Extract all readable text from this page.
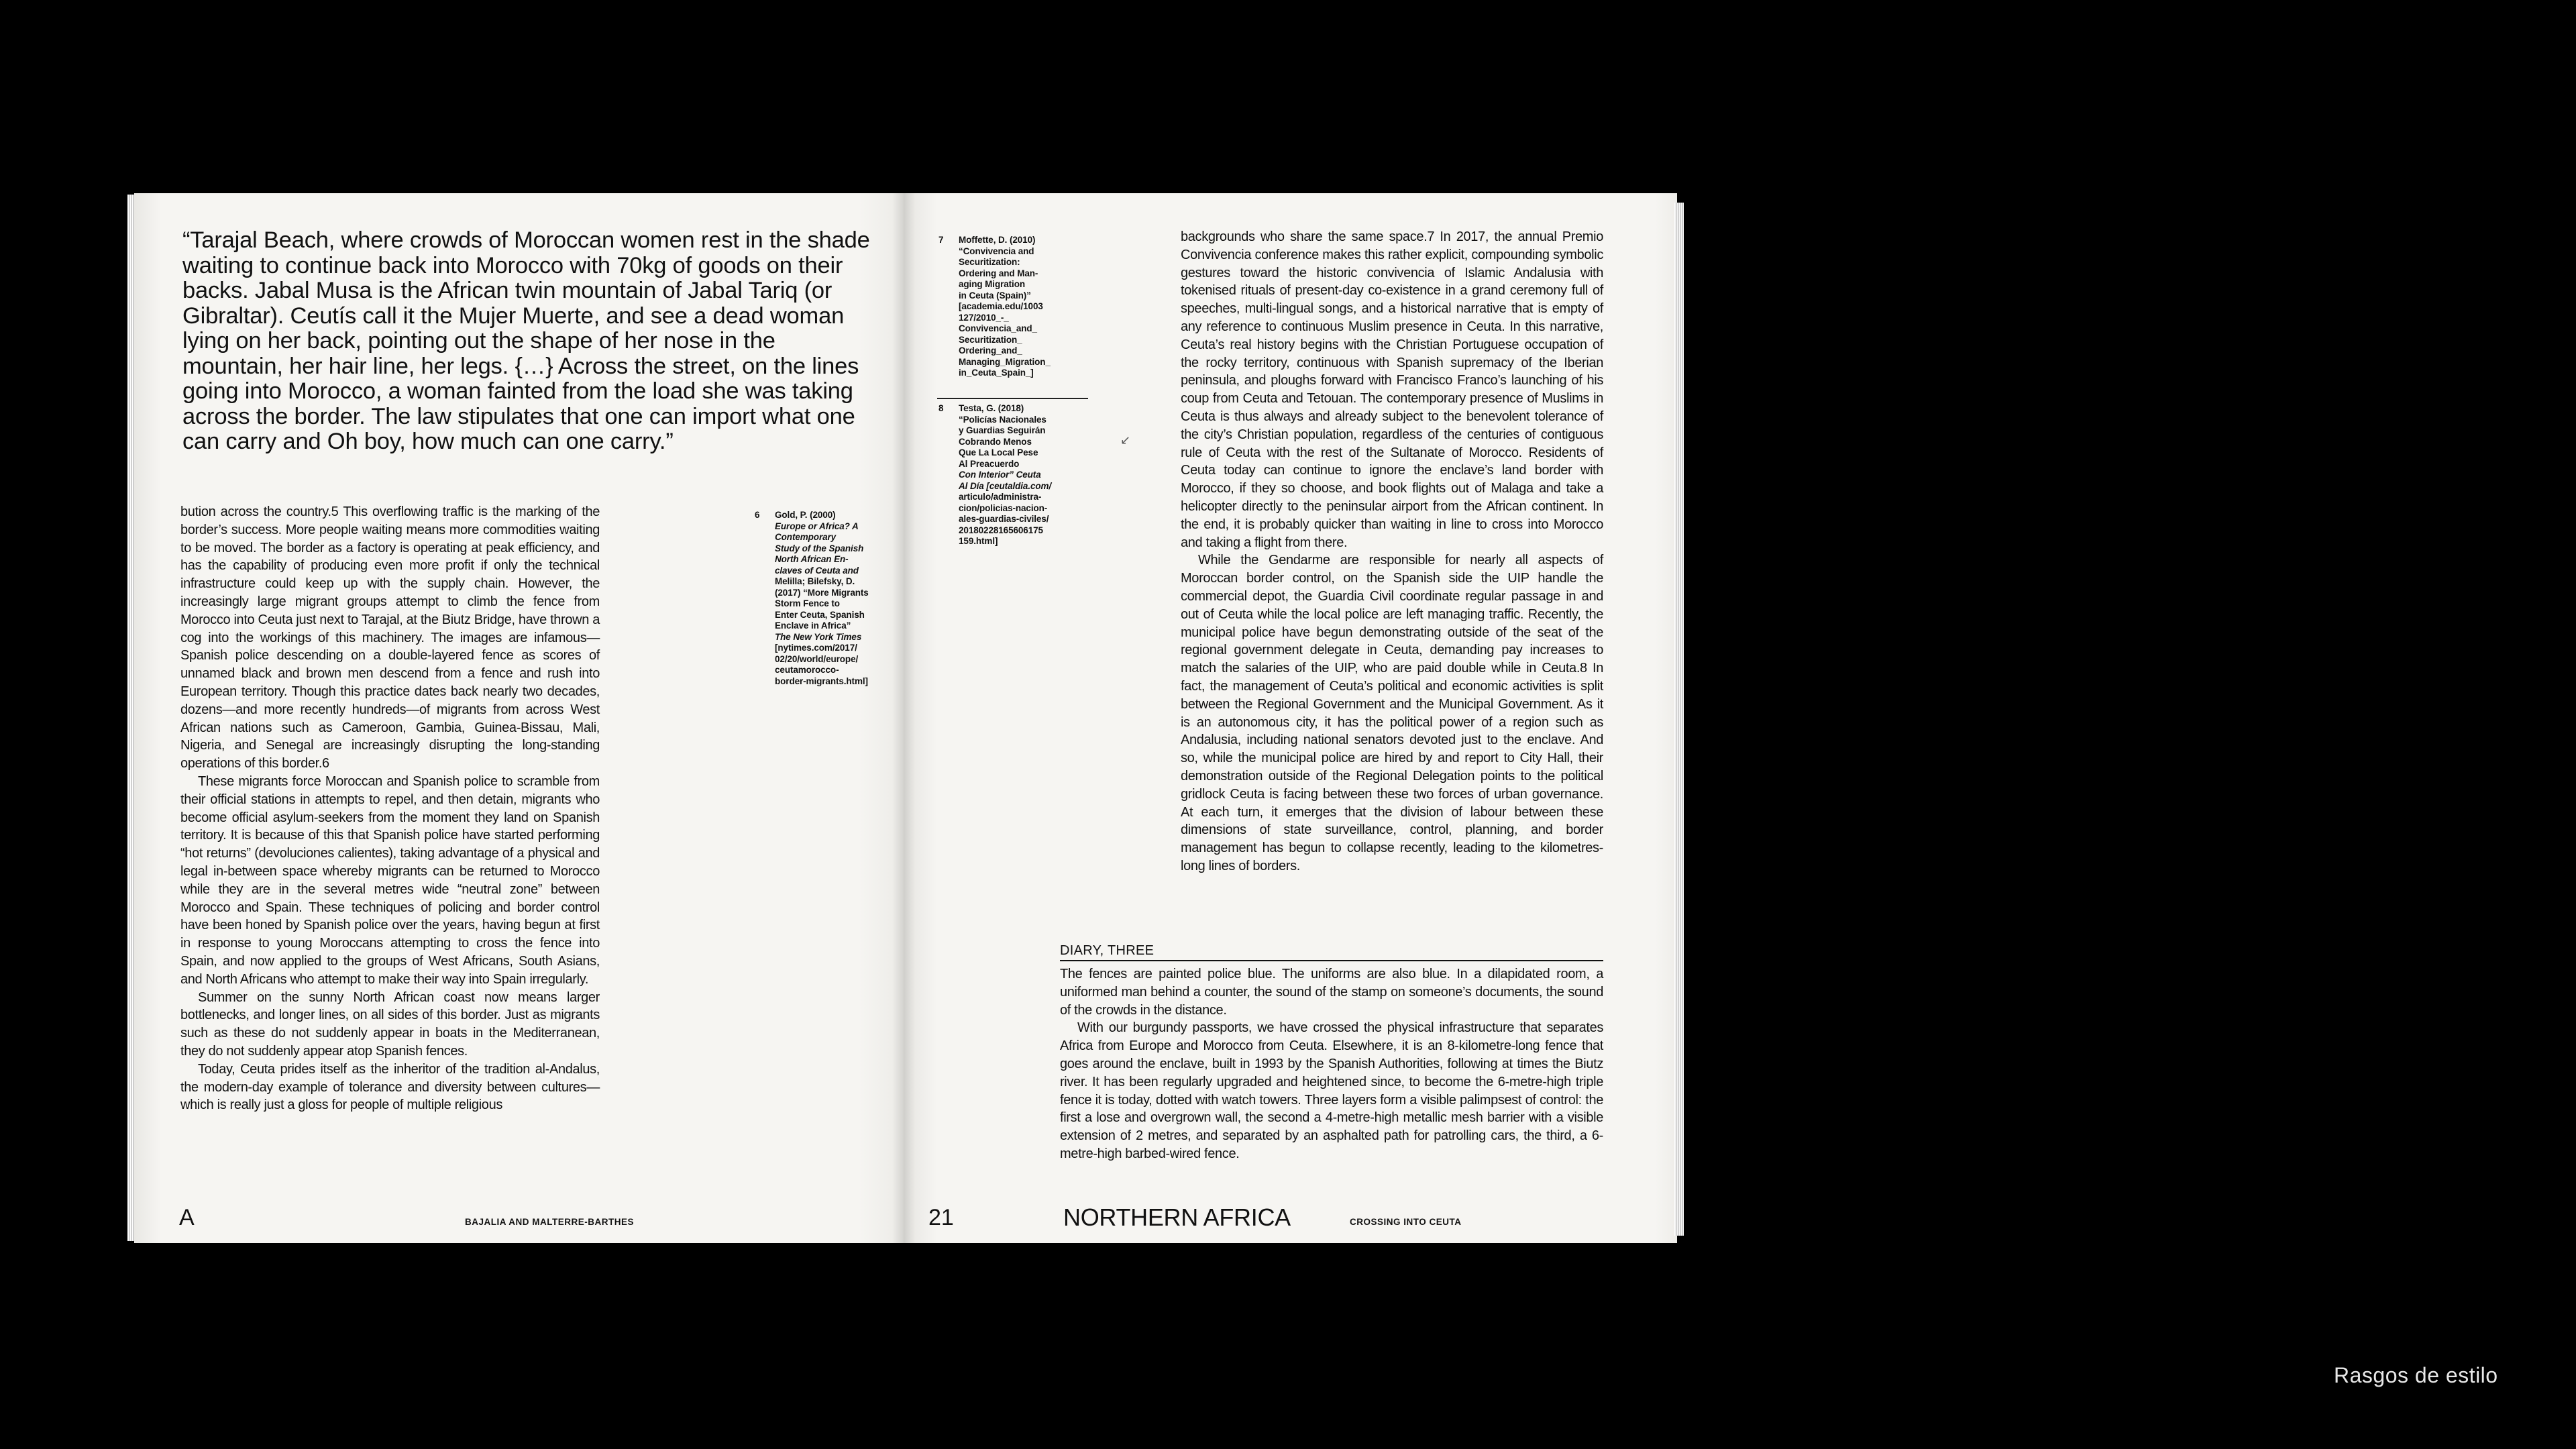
“Tarajal Beach, where crowds of Moroccan women rest in the shade waiting to continue back into Morocco with 70kg of goods on their backs. Jabal Musa is the African twin mountain of Jabal Tariq (or Gibraltar). Ceutís call it the Mujer Muerte, and see a dead woman lying on her back, pointing out the shape of her nose in the mountain, her hair line, her legs. {…} Across the street, on the lines going into Morocco, a woman fainted from the load she was taking across the border. The law stipulates that one can import what one can carry and Oh boy, how much can one carry.”

bution across the country.5 This overflowing traffic is the marking of the border’s success. More people waiting means more commodities waiting to be moved. The border as a factory is operating at peak efficiency, and has the capability of producing even more profit if only the technical infrastructure could keep up with the supply chain. However, the increasingly large migrant groups attempt to climb the fence from Morocco into Ceuta just next to Tarajal, at the Biutz Bridge, have thrown a cog into the workings of this machinery. The images are infamous—Spanish police descending on a double-layered fence as scores of unnamed black and brown men descend from a fence and rush into European territory. Though this practice dates back nearly two decades, dozens—and more recently hundreds—of migrants from across West African nations such as Cameroon, Gambia, Guinea-Bissau, Mali, Nigeria, and Senegal are increasingly disrupting the long-standing operations of this border.6

These migrants force Moroccan and Spanish police to scramble from their official stations in attempts to repel, and then detain, migrants who become official asylum-seekers from the moment they land on Spanish territory. It is because of this that Spanish police have started performing “hot returns” (devoluciones calientes), taking advantage of a physical and legal in-between space whereby migrants can be returned to Morocco while they are in the several metres wide “neutral zone” between Morocco and Spain. These techniques of policing and border control have been honed by Spanish police over the years, having begun at first in response to young Moroccans attempting to cross the fence into Spain, and now applied to the groups of West Africans, South Asians, and North Africans who attempt to make their way into Spain irregularly.

Summer on the sunny North African coast now means larger bottlenecks, and longer lines, on all sides of this border. Just as migrants such as these do not suddenly appear in boats in the Mediterranean, they do not suddenly appear atop Spanish fences.

Today, Ceuta prides itself as the inheritor of the tradition al-Andalus, the modern-day example of tolerance and diversity between cultures—which is really just a gloss for people of multiple religious

6 Gold, P. (2000)
Europe or Africa? A
Contemporary
Study of the Spanish
North African En-
claves of Ceuta and
Melilla; Bilefsky, D.
(2017) “More Migrants
Storm Fence to
Enter Ceuta, Spanish
Enclave in Africa”
The New York Times
[nytimes.com/2017/
02/20/world/europe/
ceutamorocco-
border-migrants.html]
A	BAJALIA AND MALTERRE-BARTHES
7 Moffette, D. (2010)
“Convivencia and
Securitization:
Ordering and Man-
aging Migration
in Ceuta (Spain)”
[academia.edu/1003
127/2010_-_
Convivencia_and_
Securitization_
Ordering_and_
Managing_Migration_
in_Ceuta_Spain_]
8 Testa, G. (2018)
“Policías Nacionales
y Guardias Seguirán
Cobrando Menos
Que La Local Pese
Al Preacuerdo
Con Interior” Ceuta
Al Día [ceutaldia.com/
articulo/administra-
cion/policias-nacion-
ales-guardias-civiles/
20180228165606175
159.html]

backgrounds who share the same space.7 In 2017, the annual Premio Convivencia conference makes this rather explicit, compounding symbolic gestures toward the historic convivencia of Islamic Andalusia with tokenised rituals of present-day co-existence in a grand ceremony full of speeches, multi-lingual songs, and a historical narrative that is empty of any reference to continuous Muslim presence in Ceuta. In this narrative, Ceuta’s real history begins with the Christian Portuguese occupation of the rocky territory, continuous with Spanish supremacy of the Iberian peninsula, and ploughs forward with Francisco Franco’s launching of his coup from Ceuta and Tetouan. The contemporary presence of Muslims in Ceuta is thus always and already subject to the benevolent tolerance of the city’s Christian population, regardless of the centuries of contiguous rule of Ceuta with the rest of the Sultanate of Morocco. Residents of Ceuta today can continue to ignore the enclave’s land border with Morocco, if they so choose, and book flights out of Malaga and take a helicopter directly to the peninsular airport from the African continent. In the end, it is probably quicker than waiting in line to cross into Morocco and taking a flight from there.

While the Gendarme are responsible for nearly all aspects of Moroccan border control, on the Spanish side the UIP handle the commercial depot, the Guardia Civil coordinate regular passage in and out of Ceuta while the local police are left managing traffic. Recently, the municipal police have begun demonstrating outside of the seat of the regional government delegate in Ceuta, demanding pay increases to match the salaries of the UIP, who are paid double while in Ceuta.8 In fact, the management of Ceuta’s political and economic activities is split between the Regional Government and the Municipal Government. As it is an autonomous city, it has the political power of a region such as Andalusia, including national senators devoted just to the enclave. And so, while the municipal police are hired by and report to City Hall, their demonstration outside of the Regional Delegation points to the political gridlock Ceuta is facing between these two forces of urban governance. At each turn, it emerges that the division of labour between these dimensions of state surveillance, control, planning, and border management has begun to collapse recently, leading to the kilometres-long lines of borders.

↙
DIARY, THREE

The fences are painted police blue. The uniforms are also blue. In a dilapidated room, a uniformed man behind a counter, the sound of the stamp on someone’s documents, the sound of the crowds in the distance.

With our burgundy passports, we have crossed the physical infrastructure that separates Africa from Europe and Morocco from Ceuta. Elsewhere, it is an 8-kilometre-long fence that goes around the enclave, built in 1993 by the Spanish Authorities, following at times the Biutz river. It has been regularly upgraded and heightened since, to become the 6-metre-high triple fence it is today, dotted with watch towers. Three layers form a visible palimpsest of control: the first a lose and overgrown wall, the second a 4-metre-high metallic mesh barrier with a visible extension of 2 metres, and separated by an asphalted path for patrolling cars, the third, a 6-metre-high barbed-wired fence.

21	NORTHERN AFRICA	CROSSING INTO CEUTA
Rasgos de estilo
